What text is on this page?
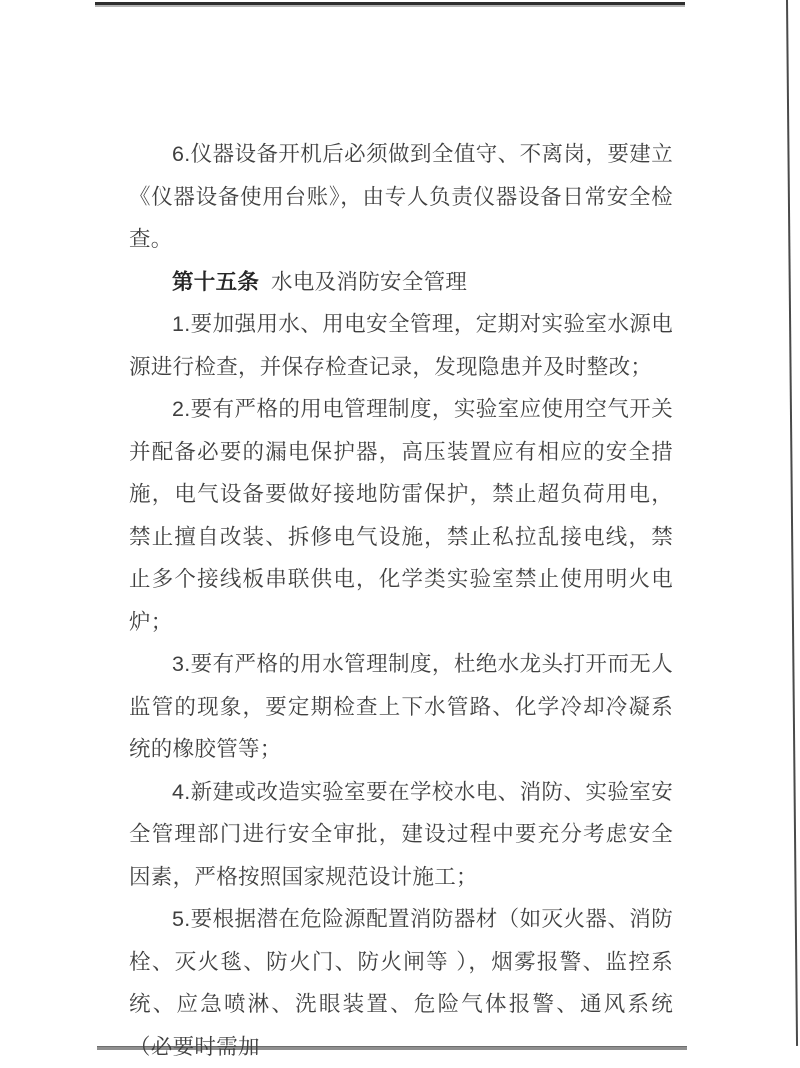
6.仪器设备开机后必须做到全值守、不离岗，要建立《仪器设备使用台账》，由专人负责仪器设备日常安全检查。

第十五条 水电及消防安全管理

1.要加强用水、用电安全管理，定期对实验室水源电源进行检查，并保存检查记录，发现隐患并及时整改；

2.要有严格的用电管理制度，实验室应使用空气开关并配备必要的漏电保护器，高压装置应有相应的安全措施，电气设备要做好接地防雷保护，禁止超负荷用电，禁止擅自改装、拆修电气设施，禁止私拉乱接电线，禁止多个接线板串联供电，化学类实验室禁止使用明火电炉；

3.要有严格的用水管理制度，杜绝水龙头打开而无人监管的现象，要定期检查上下水管路、化学冷却冷凝系统的橡胶管等；

4.新建或改造实验室要在学校水电、消防、实验室安全管理部门进行安全审批，建设过程中要充分考虑安全因素，严格按照国家规范设计施工；

5.要根据潜在危险源配置消防器材（如灭火器、消防栓、灭火毯、防火门、防火闸等 ），烟雾报警、监控系统、应急喷淋、洗眼装置、危险气体报警、通风系统（必要时需加
